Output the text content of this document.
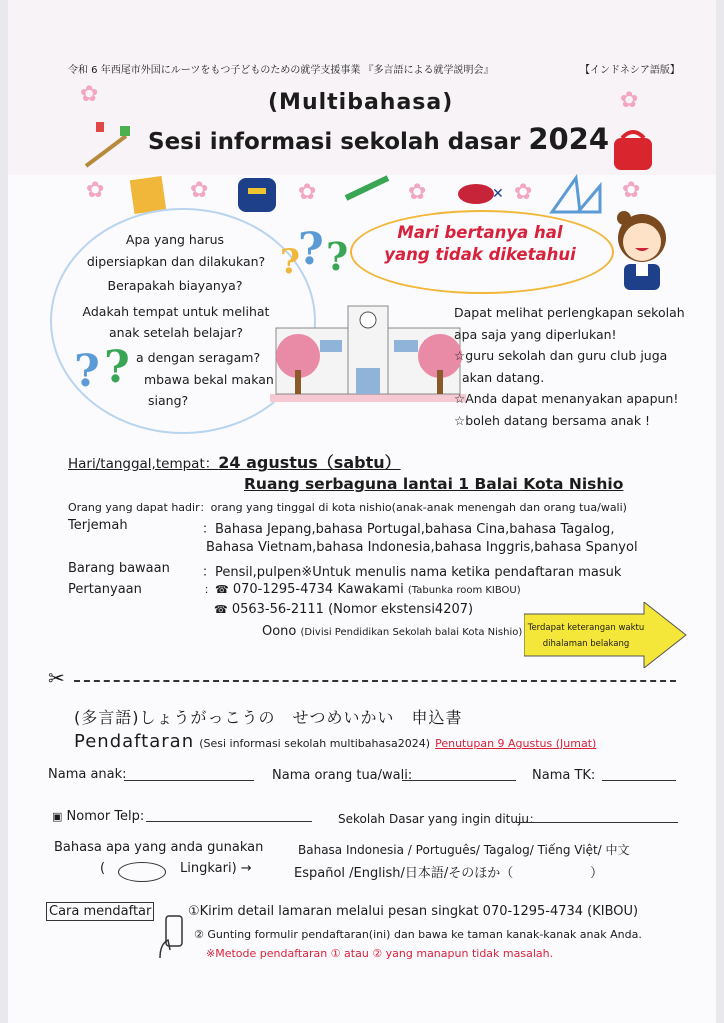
令和 6 年西尾市外国にルーツをもつ子どものための就学支援事業 『多言語による就学説明会』	【インドネシア語版】
✿	✿
(Multibahasa)
Sesi informasi sekolah dasar 2024
✿	✿	✿	✿	✕ ✿	✿
Apa yang harus
dipersiapkan dan dilakukan?
Berapakah biayanya?
Adakah tempat untuk melihat
anak setelah belajar?
a dengan seragam?
mbawa bekal makan
siang?
? ?
?
? ?
Mari bertanya hal
yang tidak diketahui
Dapat melihat perlengkapan sekolah
apa saja yang diperlukan!
☆guru sekolah dan guru club juga
akan datang.
☆Anda dapat menanyakan apapun!
☆boleh datang bersama anak !
Hari/tanggal,tempat：24 agustus（sabtu）
Ruang serbaguna lantai 1 Balai Kota Nishio
Orang yang dapat hadir：orang yang tinggal di kota nishio(anak-anak menengah dan orang tua/wali)
Terjemah	：Bahasa Jepang,bahasa Portugal,bahasa Cina,bahasa Tagalog,
Bahasa Vietnam,bahasa Indonesia,bahasa Inggris,bahasa Spanyol
Barang bawaan ：Pensil,pulpen※Untuk menulis nama ketika pendaftaran masuk
Pertanyaan	：☎ 070-1295-4734 Kawakami (Tabunka room KIBOU)
☎ 0563-56-2111 (Nomor ekstensi4207)
Oono (Divisi Pendidikan Sekolah balai Kota Nishio) Terdapat keterangan waktu
dihalaman belakang
✂
(多言語)しょうがっこうの　せつめいかい　申込書
Pendaftaran (Sesi informasi sekolah multibahasa2024) Penutupan 9 Agustus (Jumat)
Nama anak:	Nama orang tua/wali:	Nama TK:
▣ Nomor Telp:	Sekolah Dasar yang ingin dituju：
Bahasa apa yang anda gunakan
(	Lingkari) →
Bahasa Indonesia / Português/ Tagalog/ Tiếng Việt/ 中文
Español /English/日本語/そのほか（	）
Cara mendaftar	①Kirim detail lamaran melalui pesan singkat 070-1295-4734 (KIBOU)
② Gunting formulir pendaftaran(ini) dan bawa ke taman kanak-kanak anak Anda.
※Metode pendaftaran ① atau ② yang manapun tidak masalah.
